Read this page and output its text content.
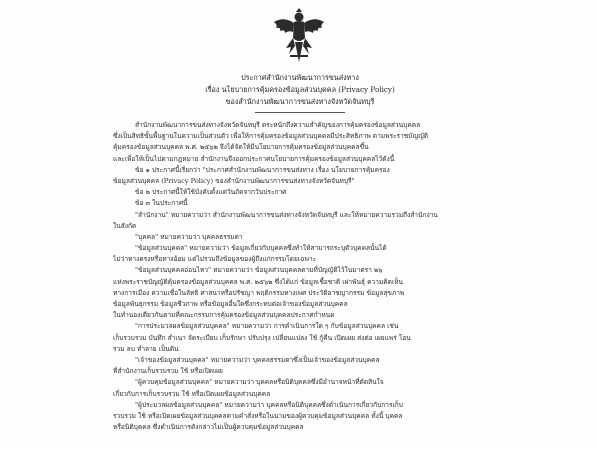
ประกาศสำนักงานพัฒนาการขนส่งทาง
เรื่อง นโยบายการคุ้มครองข้อมูลส่วนบุคคล (Privacy Policy)
ของสำนักงานพัฒนาการขนส่งทางจังหวัดจันทบุรี

สำนักงานพัฒนาการขนส่งทางจังหวัดจันทบุรี ตระหนักถึงความสำคัญของการคุ้มครองข้อมูลส่วนบุคคล

ซึ่งเป็นสิทธิขั้นพื้นฐานในความเป็นส่วนตัว เพื่อให้การคุ้มครองข้อมูลส่วนบุคคลมีประสิทธิภาพ ตามพระราชบัญญัติ

คุ้มครองข้อมูลส่วนบุคคล พ.ศ. ๒๕๖๒ จึงได้จัดให้มีนโยบายการคุ้มครองข้อมูลส่วนบุคคลขึ้น

และเพื่อให้เป็นไปตามกฎหมาย สำนักงานจึงออกประกาศนโยบายการคุ้มครองข้อมูลส่วนบุคคลไว้ดังนี้

ข้อ ๑ ประกาศนี้เรียกว่า "ประกาศสำนักงานพัฒนาการขนส่งทาง เรื่อง นโยบายการคุ้มครอง

ข้อมูลส่วนบุคคล (Privacy Policy) ของสำนักงานพัฒนาการขนส่งทางจังหวัดจันทบุรี"

ข้อ ๒ ประกาศนี้ให้ใช้บังคับตั้งแต่วันถัดจากวันประกาศ

ข้อ ๓ ในประกาศนี้

"สำนักงาน" หมายความว่า สำนักงานพัฒนาการขนส่งทางจังหวัดจันทบุรี และให้หมายความรวมถึงสำนักงาน

ในสังกัด

"บุคคล" หมายความว่า บุคคลธรรมดา

"ข้อมูลส่วนบุคคล" หมายความว่า ข้อมูลเกี่ยวกับบุคคลซึ่งทำให้สามารถระบุตัวบุคคลนั้นได้

ไม่ว่าทางตรงหรือทางอ้อม แต่ไม่รวมถึงข้อมูลของผู้ถึงแก่กรรมโดยเฉพาะ

"ข้อมูลส่วนบุคคลอ่อนไหว" หมายความว่า ข้อมูลส่วนบุคคลตามที่บัญญัติไว้ในมาตรา ๒๖

แห่งพระราชบัญญัติคุ้มครองข้อมูลส่วนบุคคล พ.ศ. ๒๕๖๒ ซึ่งได้แก่ ข้อมูลเชื้อชาติ เผ่าพันธุ์ ความคิดเห็น

ทางการเมือง ความเชื่อในลัทธิ ศาสนาหรือปรัชญา พฤติกรรมทางเพศ ประวัติอาชญากรรม ข้อมูลสุขภาพ

ข้อมูลพันธุกรรม ข้อมูลชีวภาพ หรือข้อมูลอื่นใดซึ่งกระทบต่อเจ้าของข้อมูลส่วนบุคคล

ในทำนองเดียวกันตามที่คณะกรรมการคุ้มครองข้อมูลส่วนบุคคลประกาศกำหนด

"การประมวลผลข้อมูลส่วนบุคคล" หมายความว่า การดำเนินการใด ๆ กับข้อมูลส่วนบุคคล เช่น

เก็บรวบรวม บันทึก สำเนา จัดระเบียบ เก็บรักษา ปรับปรุง เปลี่ยนแปลง ใช้ กู้คืน เปิดเผย ส่งต่อ เผยแพร่ โอน

รวม ลบ ทำลาย เป็นต้น

"เจ้าของข้อมูลส่วนบุคคล" หมายความว่า บุคคลธรรมดาซึ่งเป็นเจ้าของข้อมูลส่วนบุคคล

ที่สำนักงานเก็บรวบรวม ใช้ หรือเปิดเผย

"ผู้ควบคุมข้อมูลส่วนบุคคล" หมายความว่า บุคคลหรือนิติบุคคลซึ่งมีอำนาจหน้าที่ตัดสินใจ

เกี่ยวกับการเก็บรวบรวม ใช้ หรือเปิดเผยข้อมูลส่วนบุคคล

"ผู้ประมวลผลข้อมูลส่วนบุคคล" หมายความว่า บุคคลหรือนิติบุคคลซึ่งดำเนินการเกี่ยวกับการเก็บ

รวบรวม ใช้ หรือเปิดเผยข้อมูลส่วนบุคคลตามคำสั่งหรือในนามของผู้ควบคุมข้อมูลส่วนบุคคล ทั้งนี้ บุคคล

หรือนิติบุคคล ซึ่งดำเนินการดังกล่าวไม่เป็นผู้ควบคุมข้อมูลส่วนบุคคล
